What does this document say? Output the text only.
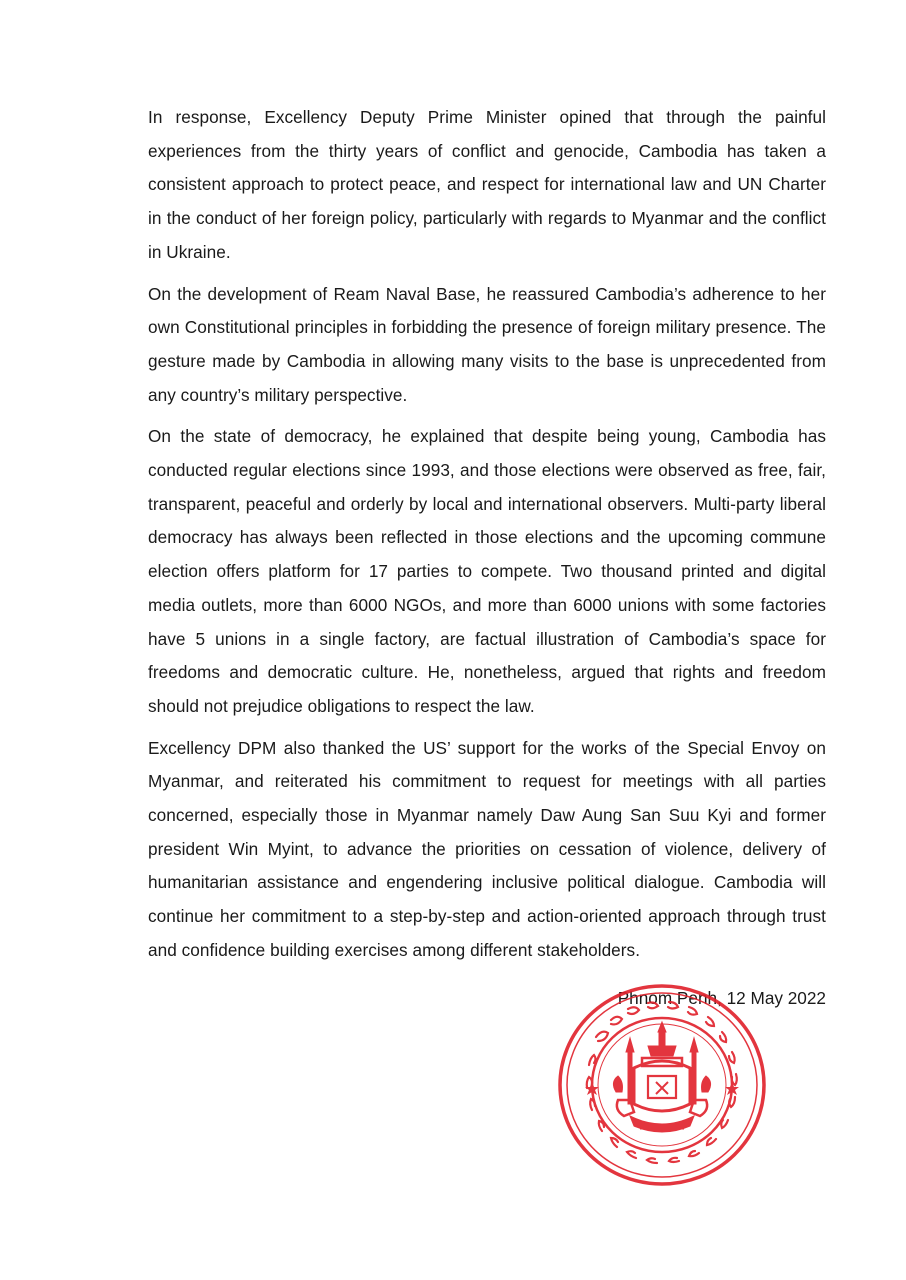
In response, Excellency Deputy Prime Minister opined that through the painful experiences from the thirty years of conflict and genocide, Cambodia has taken a consistent approach to protect peace, and respect for international law and UN Charter in the conduct of her foreign policy, particularly with regards to Myanmar and the conflict in Ukraine.

On the development of Ream Naval Base, he reassured Cambodia’s adherence to her own Constitutional principles in forbidding the presence of foreign military presence. The gesture made by Cambodia in allowing many visits to the base is unprecedented from any country’s military perspective.

On the state of democracy, he explained that despite being young, Cambodia has conducted regular elections since 1993, and those elections were observed as free, fair, transparent, peaceful and orderly by local and international observers. Multi-party liberal democracy has always been reflected in those elections and the upcoming commune election offers platform for 17 parties to compete. Two thousand printed and digital media outlets, more than 6000 NGOs, and more than 6000 unions with some factories have 5 unions in a single factory, are factual illustration of Cambodia’s space for freedoms and democratic culture. He, nonetheless, argued that rights and freedom should not prejudice obligations to respect the law.

Excellency DPM also thanked the US’ support for the works of the Special Envoy on Myanmar, and reiterated his commitment to request for meetings with all parties concerned, especially those in Myanmar namely Daw Aung San Suu Kyi and former president Win Myint, to advance the priorities on cessation of violence, delivery of humanitarian assistance and engendering inclusive political dialogue. Cambodia will continue her commitment to a step-by-step and action-oriented approach through trust and confidence building exercises among different stakeholders.

Phnom Penh, 12 May 2022
